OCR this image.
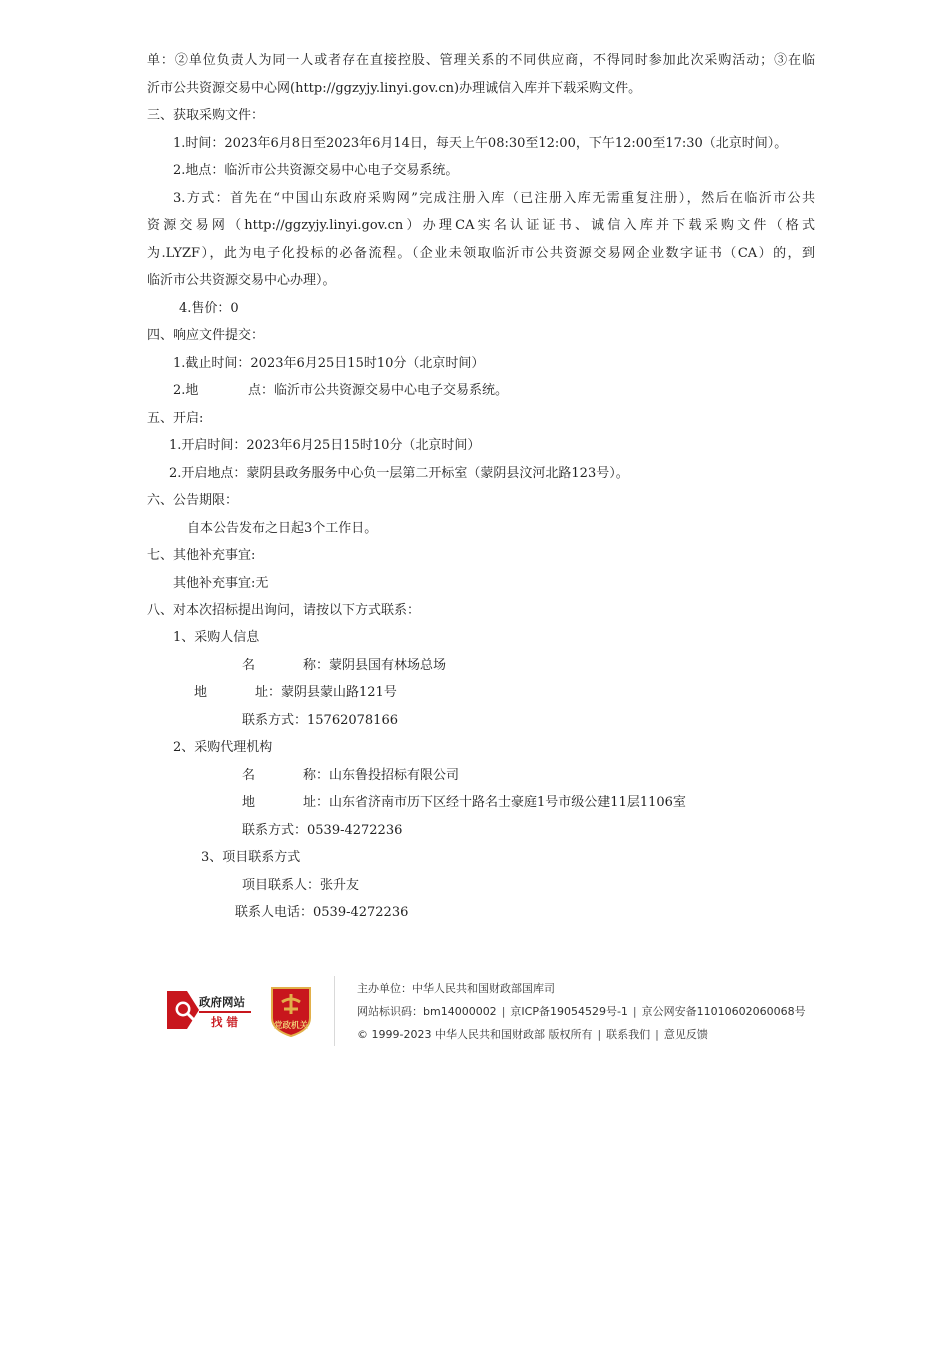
单：②单位负责人为同一人或者存在直接控股、管理关系的不同供应商，不得同时参加此次采购活动；③在临
沂市公共资源交易中心网(http://ggzyjy.linyi.gov.cn)办理诚信入库并下载采购文件。
三、获取采购文件：
1.时间：2023年6月8日至2023年6月14日，每天上午08:30至12:00，下午12:00至17:30（北京时间）。
2.地点：临沂市公共资源交易中心电子交易系统。
3.方式：首先在“中国山东政府采购网”完成注册入库（已注册入库无需重复注册），然后在临沂市公共
资源交易网（http://ggzyjy.linyi.gov.cn）办理CA实名认证证书、诚信入库并下载采购文件（格式
为.LYZF），此为电子化投标的必备流程。（企业未领取临沂市公共资源交易网企业数字证书（CA）的，到
临沂市公共资源交易中心办理）。
4.售价：0
四、响应文件提交：
1.截止时间：2023年6月25日15时10分（北京时间）
2.地	点：临沂市公共资源交易中心电子交易系统。
五、开启:
1.开启时间：2023年6月25日15时10分（北京时间）
2.开启地点：蒙阴县政务服务中心负一层第二开标室（蒙阴县汶河北路123号）。
六、公告期限：
自本公告发布之日起3个工作日。
七、其他补充事宜:
其他补充事宜:无
八、对本次招标提出询问，请按以下方式联系：
1、采购人信息
名	称：蒙阴县国有林场总场
地	址：蒙阴县蒙山路121号
联系方式：15762078166
2、采购代理机构
名	称：山东鲁投招标有限公司
地	址：山东省济南市历下区经十路名士豪庭1号市级公建11层1106室
联系方式：0539-4272236
3、项目联系方式
项目联系人：张升友
联系人电话：0539-4272236
政府网站
找 错	党政机关
主办单位：中华人民共和国财政部国库司
网站标识码：bm14000002 | 京ICP备19054529号-1 | 京公网安备11010602060068号
© 1999-2023 中华人民共和国财政部 版权所有 | 联系我们 | 意见反馈
